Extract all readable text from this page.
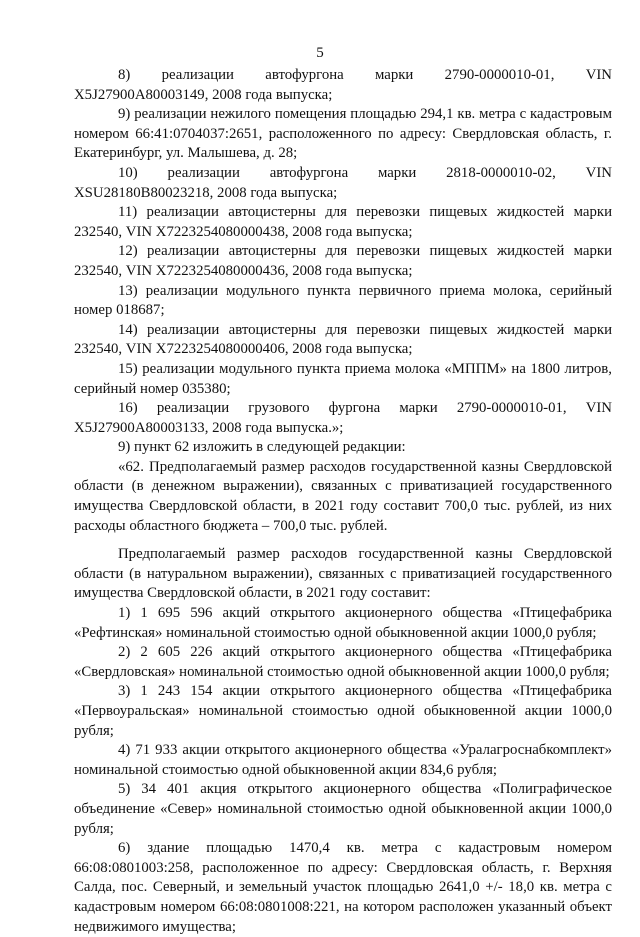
5

8) реализации автофургона марки 2790-0000010-01, VIN X5J27900A80003149, 2008 года выпуска;

9) реализации нежилого помещения площадью 294,1 кв. метра с кадастровым номером 66:41:0704037:2651, расположенного по адресу: Свердловская область, г. Екатеринбург, ул. Малышева, д. 28;

10) реализации автофургона марки 2818-0000010-02, VIN XSU28180B80023218, 2008 года выпуска;

11) реализации автоцистерны для перевозки пищевых жидкостей марки 232540, VIN X7223254080000438, 2008 года выпуска;

12) реализации автоцистерны для перевозки пищевых жидкостей марки 232540, VIN X7223254080000436, 2008 года выпуска;

13) реализации модульного пункта первичного приема молока, серийный номер 018687;

14) реализации автоцистерны для перевозки пищевых жидкостей марки 232540, VIN X7223254080000406, 2008 года выпуска;

15) реализации модульного пункта приема молока «МППМ» на 1800 литров, серийный номер 035380;

16) реализации грузового фургона марки 2790-0000010-01, VIN X5J27900A80003133, 2008 года выпуска.»;

9) пункт 62 изложить в следующей редакции:

«62. Предполагаемый размер расходов государственной казны Свердловской области (в денежном выражении), связанных с приватизацией государственного имущества Свердловской области, в 2021 году составит 700,0 тыс. рублей, из них расходы областного бюджета – 700,0 тыс. рублей.

Предполагаемый размер расходов государственной казны Свердловской области (в натуральном выражении), связанных с приватизацией государственного имущества Свердловской области, в 2021 году составит:

1) 1 695 596 акций открытого акционерного общества «Птицефабрика «Рефтинская» номинальной стоимостью одной обыкновенной акции 1000,0 рубля;

2) 2 605 226 акций открытого акционерного общества «Птицефабрика «Свердловская» номинальной стоимостью одной обыкновенной акции 1000,0 рубля;

3) 1 243 154 акции открытого акционерного общества «Птицефабрика «Первоуральская» номинальной стоимостью одной обыкновенной акции 1000,0 рубля;

4) 71 933 акции открытого акционерного общества «Уралагроснабкомплект» номинальной стоимостью одной обыкновенной акции 834,6 рубля;

5) 34 401 акция открытого акционерного общества «Полиграфическое объединение «Север» номинальной стоимостью одной обыкновенной акции 1000,0 рубля;

6) здание площадью 1470,4 кв. метра с кадастровым номером 66:08:0801003:258, расположенное по адресу: Свердловская область, г. Верхняя Салда, пос. Северный, и земельный участок площадью 2641,0 +/- 18,0 кв. метра с кадастровым номером 66:08:0801008:221, на котором расположен указанный объект недвижимого имущества;
